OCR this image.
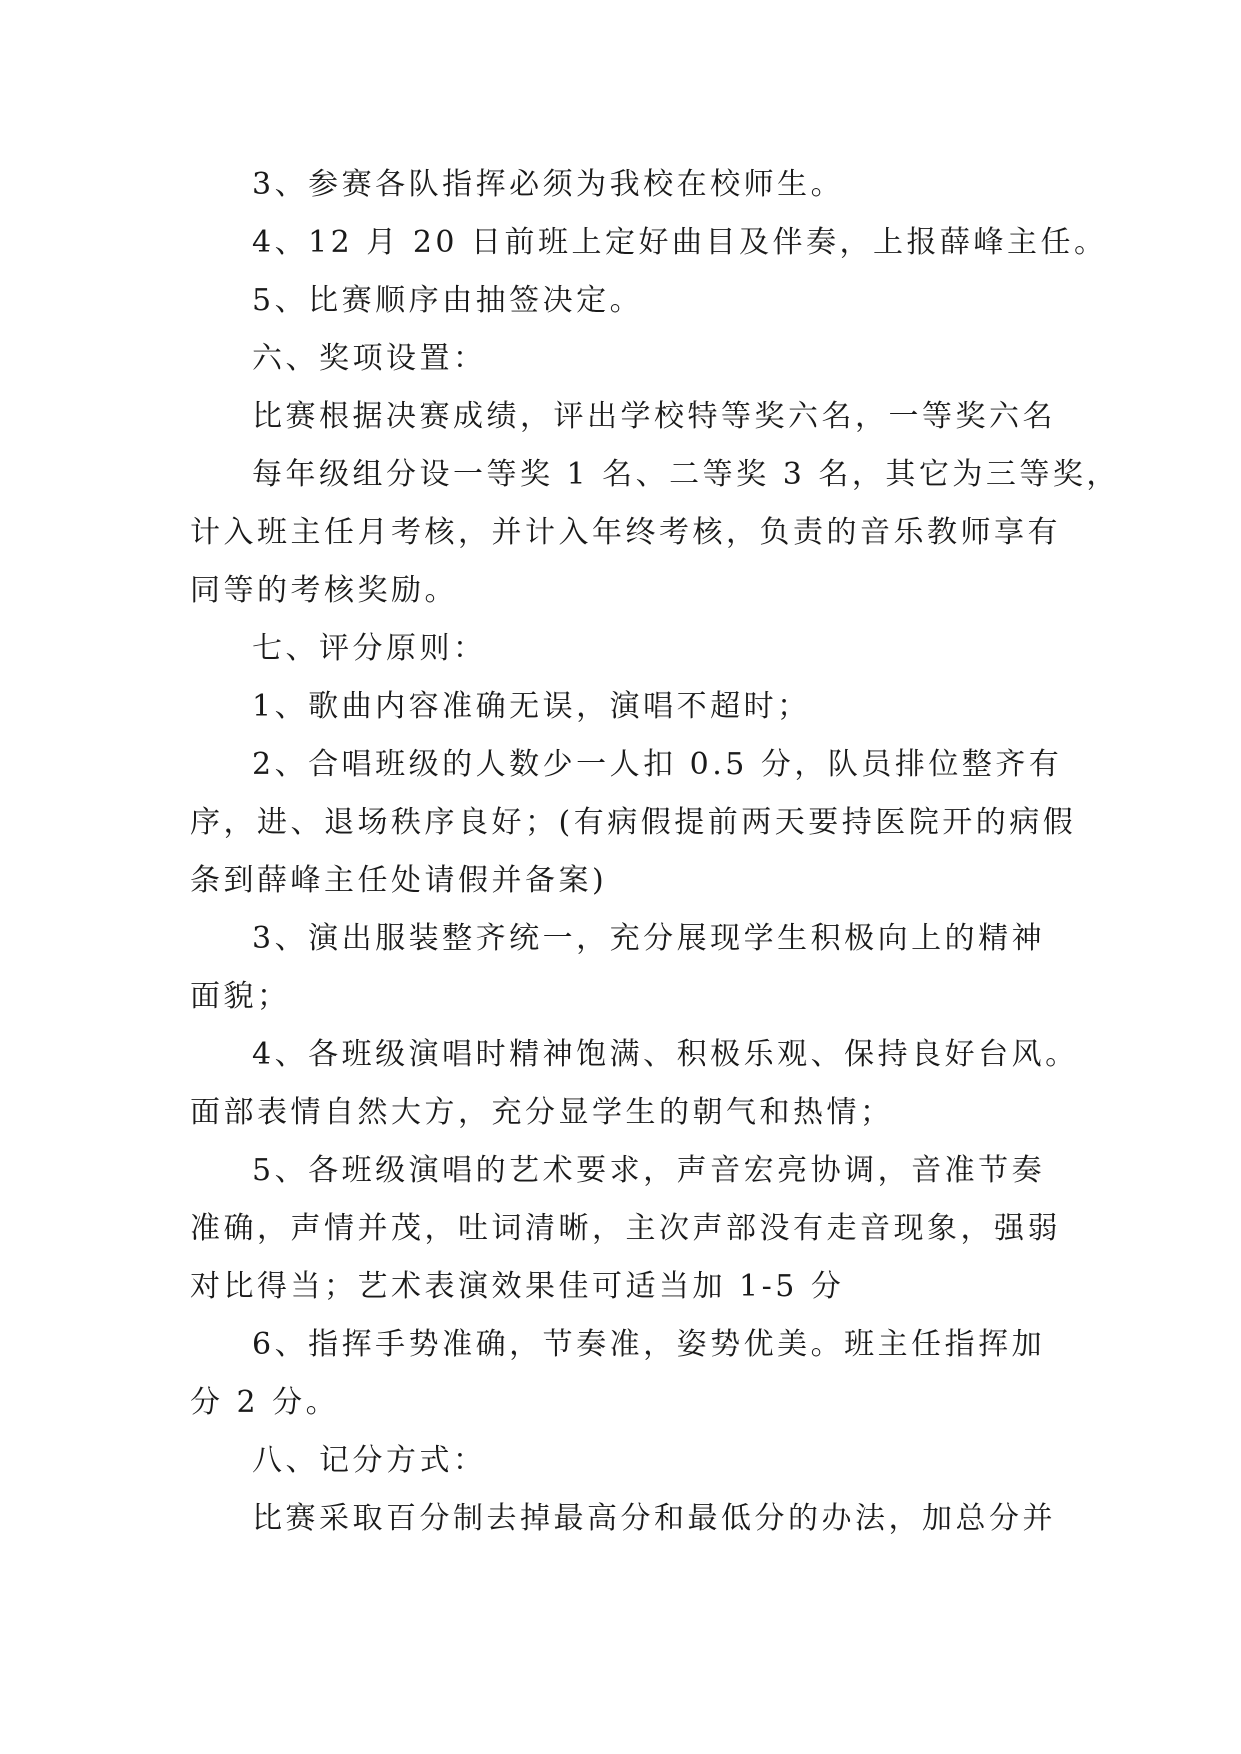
3、参赛各队指挥必须为我校在校师生。
4、12 月 20 日前班上定好曲目及伴奏，上报薛峰主任。
5、比赛顺序由抽签决定。
六、奖项设置：
比赛根据决赛成绩，评出学校特等奖六名，一等奖六名
每年级组分设一等奖 1 名、二等奖 3 名，其它为三等奖，
计入班主任月考核，并计入年终考核，负责的音乐教师享有
同等的考核奖励。
七、评分原则：
1、歌曲内容准确无误，演唱不超时；
2、合唱班级的人数少一人扣 0.5 分，队员排位整齐有
序，进、退场秩序良好；(有病假提前两天要持医院开的病假
条到薛峰主任处请假并备案)
3、演出服装整齐统一，充分展现学生积极向上的精神
面貌；
4、各班级演唱时精神饱满、积极乐观、保持良好台风。
面部表情自然大方，充分显学生的朝气和热情；
5、各班级演唱的艺术要求，声音宏亮协调，音准节奏
准确，声情并茂，吐词清晰，主次声部没有走音现象，强弱
对比得当；艺术表演效果佳可适当加 1-5 分
6、指挥手势准确，节奏准，姿势优美。班主任指挥加
分 2 分。
八、记分方式：
比赛采取百分制去掉最高分和最低分的办法，加总分并
